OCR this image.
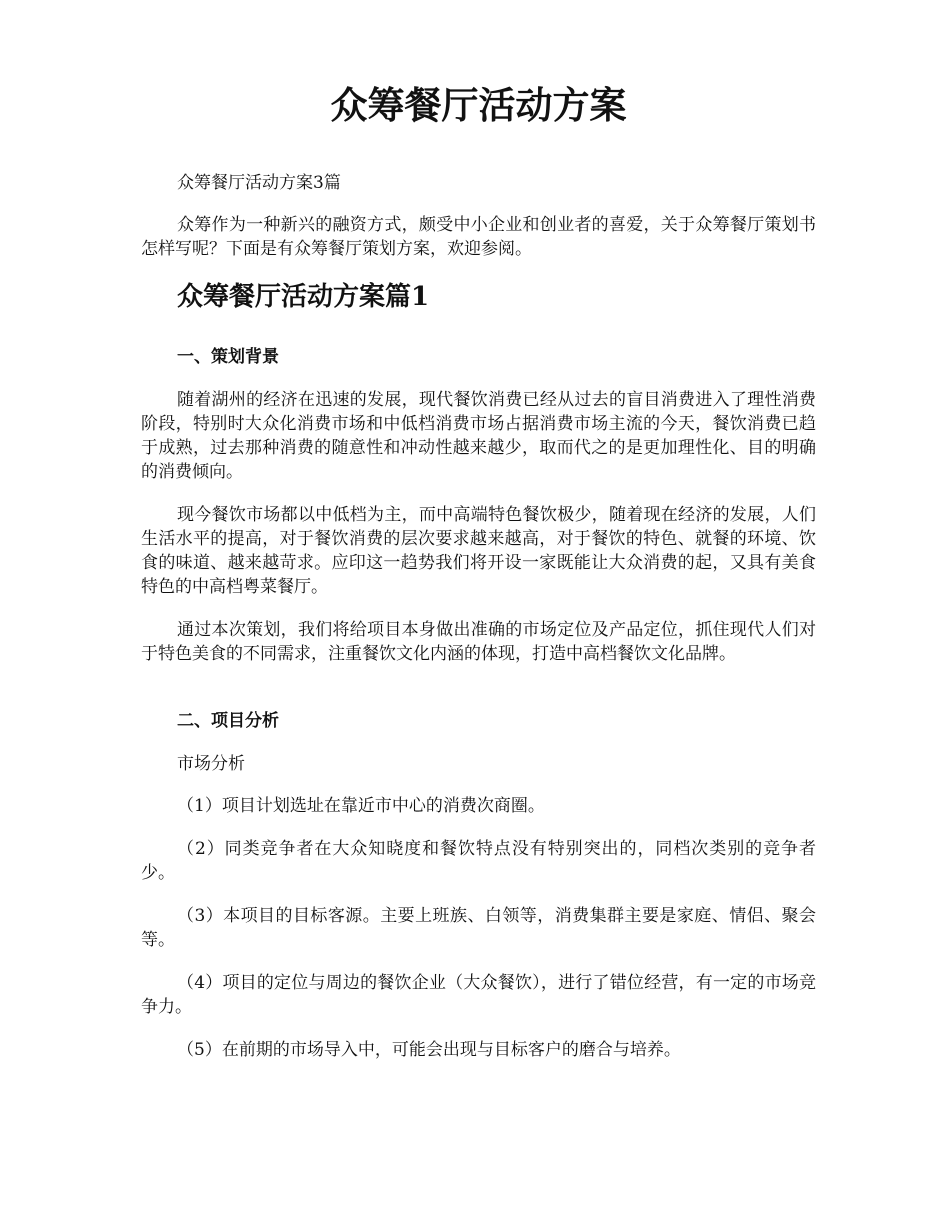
众筹餐厅活动方案

众筹餐厅活动方案3篇

众筹作为一种新兴的融资方式，颇受中小企业和创业者的喜爱，关于众筹餐厅策划书怎样写呢？下面是有众筹餐厅策划方案，欢迎参阅。

众筹餐厅活动方案篇1
一、策划背景

随着湖州的经济在迅速的发展，现代餐饮消费已经从过去的盲目消费进入了理性消费阶段，特别时大众化消费市场和中低档消费市场占据消费市场主流的今天，餐饮消费已趋于成熟，过去那种消费的随意性和冲动性越来越少，取而代之的是更加理性化、目的明确的消费倾向。

现今餐饮市场都以中低档为主，而中高端特色餐饮极少，随着现在经济的发展，人们生活水平的提高，对于餐饮消费的层次要求越来越高，对于餐饮的特色、就餐的环境、饮食的味道、越来越苛求。应印这一趋势我们将开设一家既能让大众消费的起，又具有美食特色的中高档粤菜餐厅。

通过本次策划，我们将给项目本身做出准确的市场定位及产品定位，抓住现代人们对于特色美食的不同需求，注重餐饮文化内涵的体现，打造中高档餐饮文化品牌。

二、项目分析

市场分析

（1）项目计划选址在靠近市中心的消费次商圈。

（2）同类竞争者在大众知晓度和餐饮特点没有特别突出的，同档次类别的竞争者少。

（3）本项目的目标客源。主要上班族、白领等，消费集群主要是家庭、情侣、聚会等。

（4）项目的定位与周边的餐饮企业（大众餐饮），进行了错位经营，有一定的市场竞争力。

（5）在前期的市场导入中，可能会出现与目标客户的磨合与培养。
